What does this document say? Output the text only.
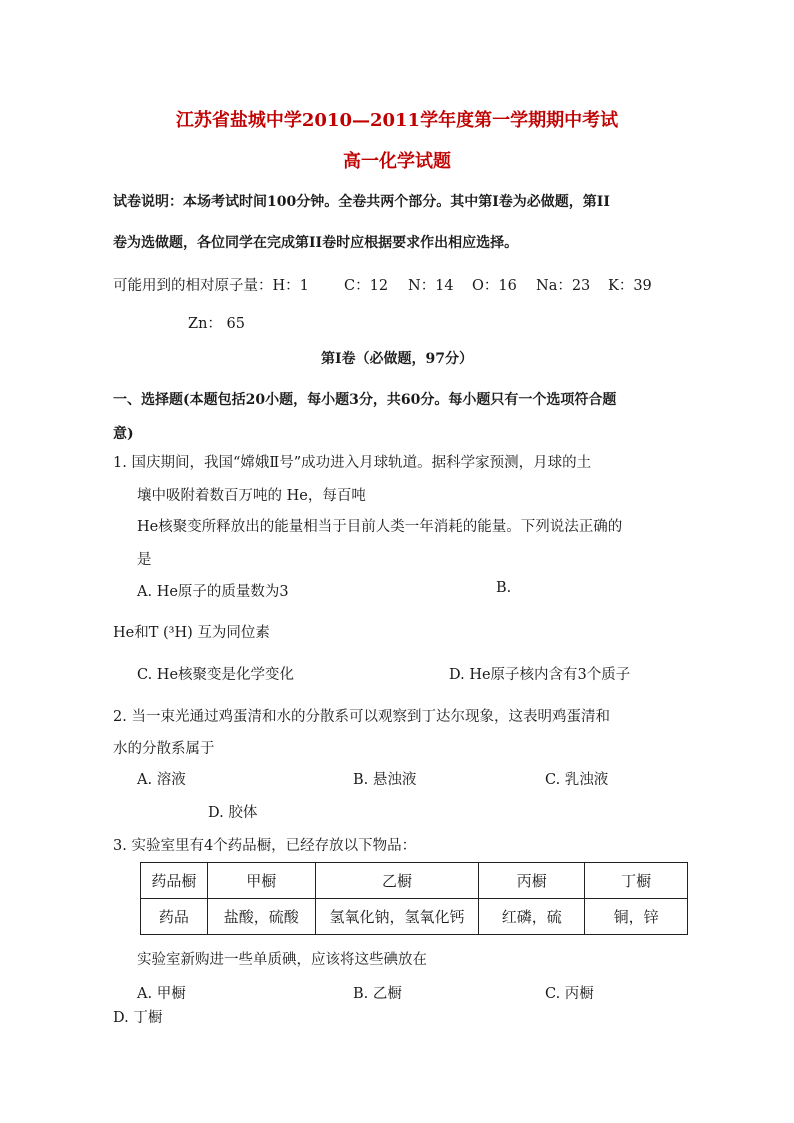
江苏省盐城中学2010—2011学年度第一学期期中考试
高一化学试题
试卷说明：本场考试时间100分钟。全卷共两个部分。其中第I卷为必做题，第II
卷为选做题，各位同学在完成第II卷时应根据要求作出相应选择。
可能用到的相对原子量：H：1 C：12 N：14 O：16 Na：23 K：39
Zn： 65
第Ⅰ卷（必做题，97分）
一、选择题(本题包括20小题，每小题3分，共60分。每小题只有一个选项符合题
意)
1. 国庆期间，我国“嫦娥Ⅱ号”成功进入月球轨道。据科学家预测，月球的土
壤中吸附着数百万吨的 He，每百吨
He核聚变所释放出的能量相当于目前人类一年消耗的能量。下列说法正确的
是
A. He原子的质量数为3	B.
He和T (³H) 互为同位素
C. He核聚变是化学变化	D. He原子核内含有3个质子
2. 当一束光通过鸡蛋清和水的分散系可以观察到丁达尔现象，这表明鸡蛋清和
水的分散系属于
A. 溶液	B. 悬浊液	C. 乳浊液
D. 胶体
3. 实验室里有4个药品橱，已经存放以下物品：
药品橱	甲橱	乙橱	丙橱	丁橱
药品	盐酸，硫酸	氢氧化钠，氢氧化钙	红磷，硫	铜，锌
实验室新购进一些单质碘，应该将这些碘放在
A. 甲橱	B. 乙橱	C. 丙橱
D. 丁橱
